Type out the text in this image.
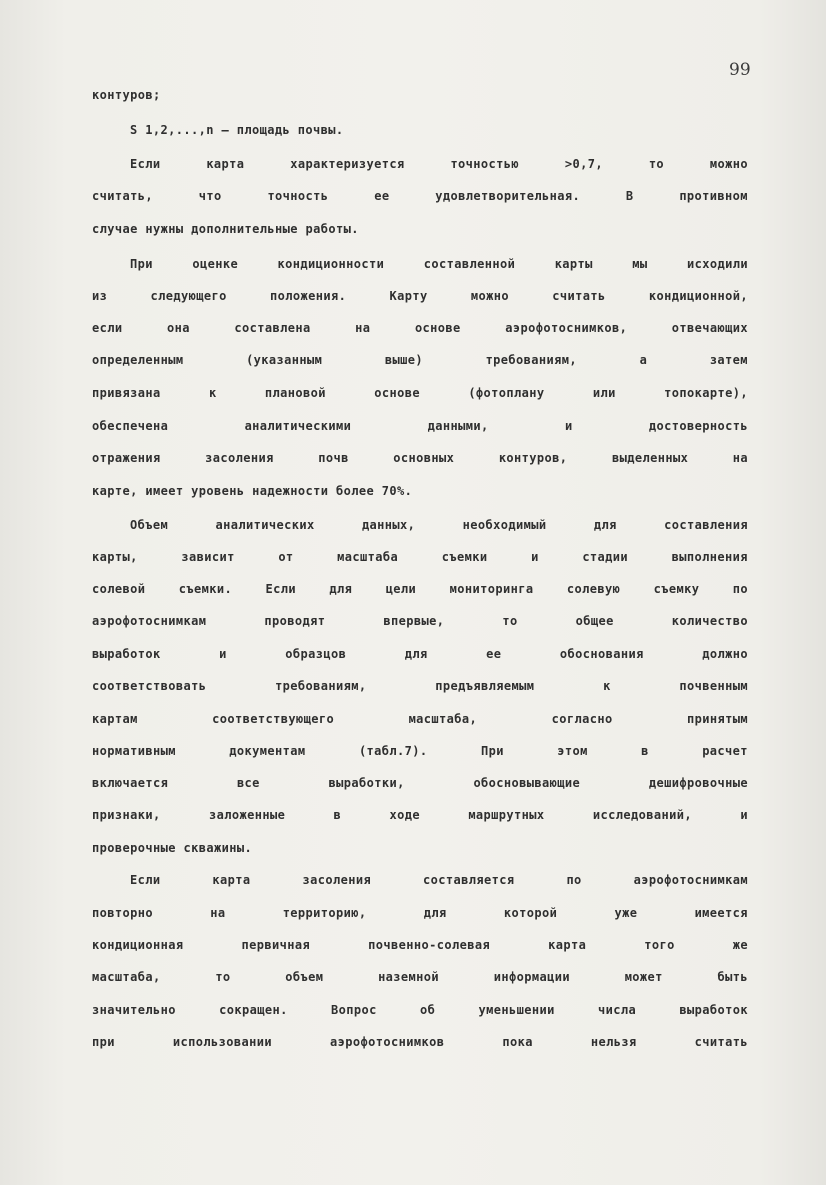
99
контуров;
S 1,2,...,n – площадь почвы.
Если	карта	характеризуется	точностью	>0,7,	то	можно
считать,	что	точность	ее	удовлетворительная.	В	противном
случае нужны дополнительные работы.
При	оценке	кондиционности	составленной	карты	мы	исходили
из	следующего	положения.	Карту	можно	считать	кондиционной,
если	она	составлена	на	основе	аэрофотоснимков,	отвечающих
определенным	(указанным	выше)	требованиям,	а	затем
привязана	к	плановой	основе	(фотоплану	или	топокарте),
обеспечена	аналитическими	данными,	и	достоверность
отражения	засоления	почв	основных	контуров,	выделенных	на
карте, имеет уровень надежности более 70%.
Объем	аналитических	данных,	необходимый	для	составления
карты,	зависит	от	масштаба	съемки	и	стадии	выполнения
солевой	съемки.	Если	для	цели	мониторинга	солевую	съемку	по
аэрофотоснимкам	проводят	впервые,	то	общее	количество
выработок	и	образцов	для	ее	обоснования	должно
соответствовать	требованиям,	предъявляемым	к	почвенным
картам	соответствующего	масштаба,	согласно	принятым
нормативным	документам	(табл.7).	При	этом	в	расчет
включается	все	выработки,	обосновывающие	дешифровочные
признаки,	заложенные	в	ходе	маршрутных	исследований,	и
проверочные скважины.
Если	карта	засоления	составляется	по	аэрофотоснимкам
повторно	на	территорию,	для	которой	уже	имеется
кондиционная	первичная	почвенно-солевая	карта	того	же
масштаба,	то	объем	наземной	информации	может	быть
значительно	сокращен.	Вопрос	об	уменьшении	числа	выработок
при	использовании	аэрофотоснимков	пока	нельзя	считать
